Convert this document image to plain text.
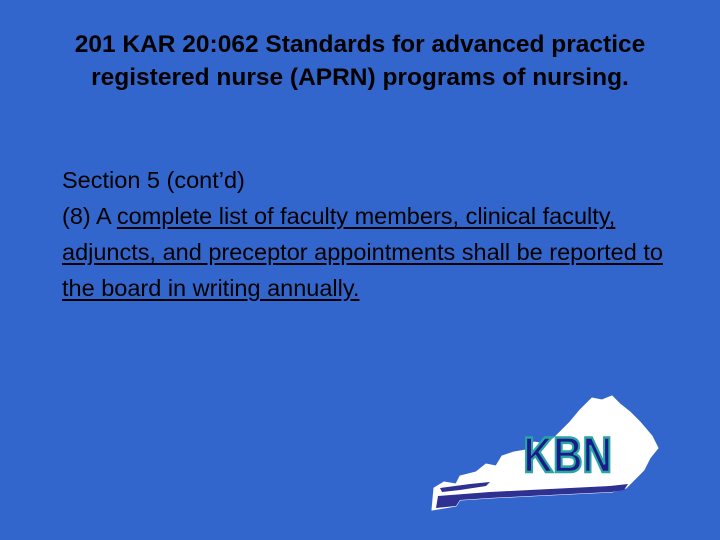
201 KAR 20:062 Standards for advanced practice registered nurse (APRN) programs of nursing.

Section 5 (cont’d)

(8) A complete list of faculty members, clinical faculty, adjuncts, and preceptor appointments shall be reported to the board in writing annually.

KBN
